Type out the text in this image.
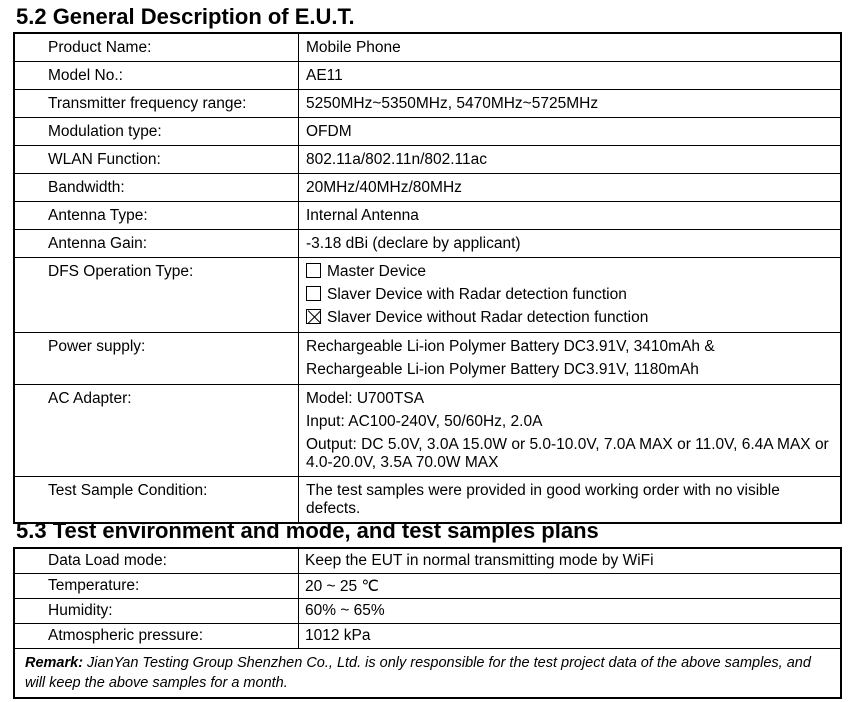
5.2 General Description of E.U.T.
Product Name:	Mobile Phone
Model No.:	AE11
Transmitter frequency range:	5250MHz~5350MHz, 5470MHz~5725MHz
Modulation type:	OFDM
WLAN Function:	802.11a/802.11n/802.11ac
Bandwidth:	20MHz/40MHz/80MHz
Antenna Type:	Internal Antenna
Antenna Gain:	-3.18 dBi (declare by applicant)
DFS Operation Type:	Master Device
Slaver Device with Radar detection function
Slaver Device without Radar detection function

Power supply:	Rechargeable Li-ion Polymer Battery DC3.91V, 3410mAh &
Rechargeable Li-ion Polymer Battery DC3.91V, 1180mAh

AC Adapter:	Model: U700TSA
Input: AC100-240V, 50/60Hz, 2.0A
Output: DC 5.0V, 3.0A 15.0W or 5.0-10.0V, 7.0A MAX or 11.0V, 6.4A MAX or 4.0-20.0V, 3.5A 70.0W MAX

Test Sample Condition:	The test samples were provided in good working order with no visible defects.
5.3 Test environment and mode, and test samples plans
Data Load mode:	Keep the EUT in normal transmitting mode by WiFi
Temperature:	20 ~ 25 ℃
Humidity:	60% ~ 65%
Atmospheric pressure:	1012 kPa
Remark: JianYan Testing Group Shenzhen Co., Ltd. is only responsible for the test project data of the above samples, and will keep the above samples for a month.	
